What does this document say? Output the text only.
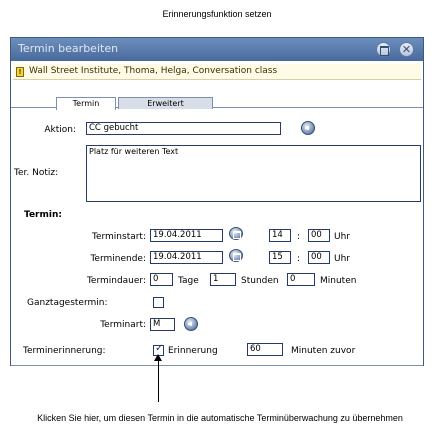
Erinnerungsfunktion setzen
Termin bearbeiten	✕
! Wall Street Institute, Thoma, Helga, Conversation class
Termin	Erweitert
Aktion:	CC gebucht
Ter. Notiz:
Platz für weiteren Text
Termin:
Terminstart: 19.04.2011	14	:	00	Uhr
Terminende: 19.04.2011	15	:	00	Uhr
Termindauer: 0	Tage	1	Stunden	0	Minuten
Ganztagestermin:
Terminart: M
Terminerinnerung:	✓ Erinnerung	60	Minuten zuvor
Klicken Sie hier, um diesen Termin in die automatische Terminüberwachung zu übernehmen
